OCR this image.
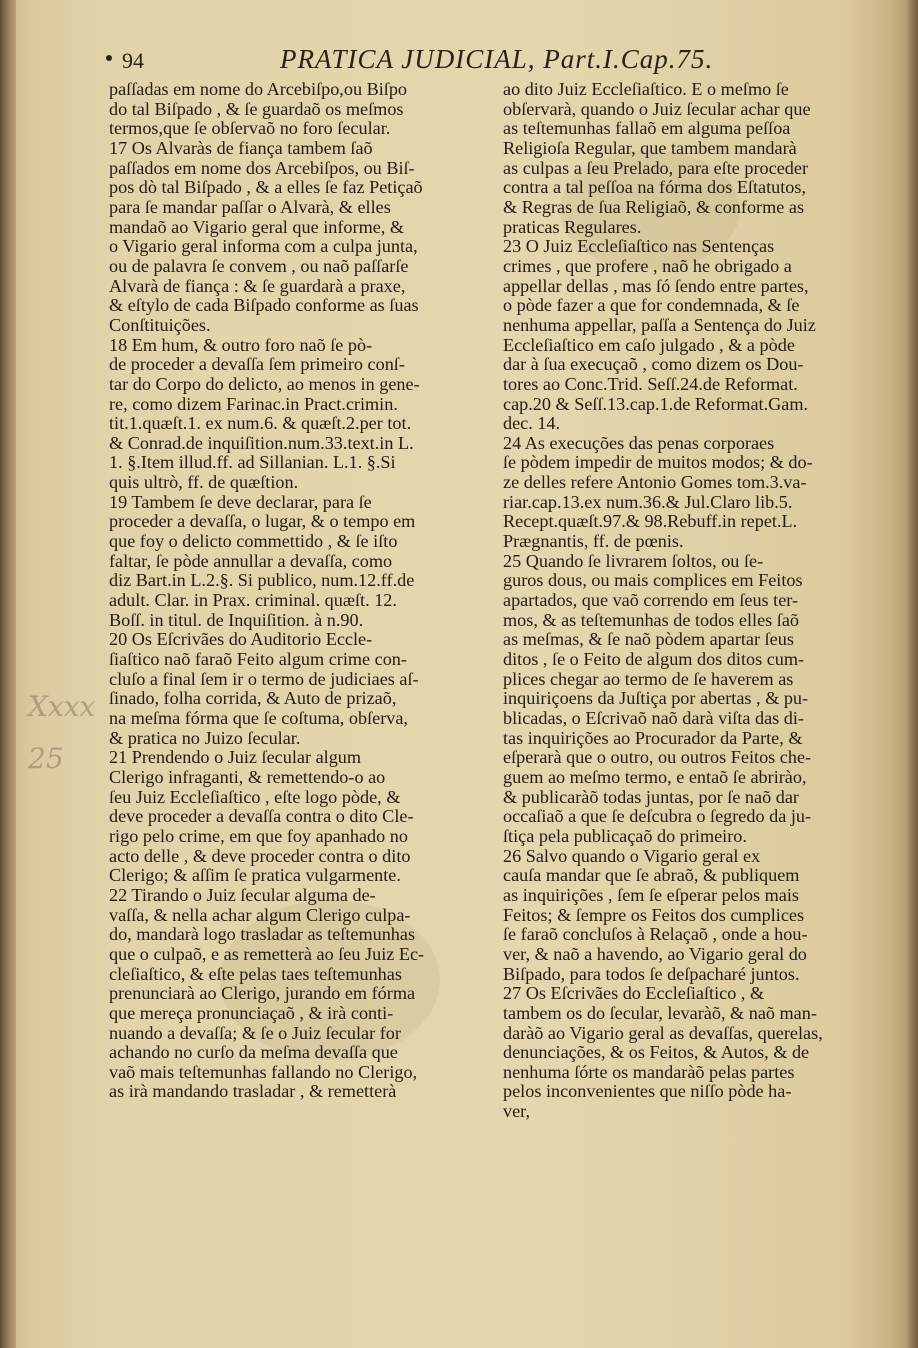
94	PRATICA JUDICIAL, Part.I.Cap.75.
Xxxx
25
paſſadas em nome do Arcebiſpo,ou Biſpo
do tal Biſpado , & ſe guardaõ os meſmos
termos,que ſe obſervaõ no foro ſecular.
17 Os Alvaràs de fiança tambem ſaõ
paſſados em nome dos Arcebiſpos, ou Biſ-
pos dò tal Biſpado , & a elles ſe faz Petiçaõ
para ſe mandar paſſar o Alvarà, & elles
mandaõ ao Vigario geral que informe, &
o Vigario geral informa com a culpa junta,
ou de palavra ſe convem , ou naõ paſſarſe
Alvarà de fiança : & ſe guardarà a praxe,
& eſtylo de cada Biſpado conforme as ſuas
Conſtituições.
18 Em hum, & outro foro naõ ſe pò-
de proceder a devaſſa ſem primeiro conſ-
tar do Corpo do delicto, ao menos in gene-
re, como dizem Farinac.in Pract.crimin.
tit.1.quæſt.1. ex num.6. & quæſt.2.per tot.
& Conrad.de inquiſition.num.33.text.in L.
1. §.Item illud.ff. ad Sillanian. L.1. §.Si
quis ultrò, ff. de quæſtion.
19 Tambem ſe deve declarar, para ſe
proceder a devaſſa, o lugar, & o tempo em
que foy o delicto commettido , & ſe iſto
faltar, ſe pòde annullar a devaſſa, como
diz Bart.in L.2.§. Si publico, num.12.ff.de
adult. Clar. in Prax. criminal. quæſt. 12.
Boſſ. in titul. de Inquiſition. à n.90.
20 Os Eſcrivães do Auditorio Eccle-
ſiaſtico naõ faraõ Feito algum crime con-
cluſo a final ſem ir o termo de judiciaes aſ-
ſinado, folha corrida, & Auto de prizaõ,
na meſma fórma que ſe coſtuma, obſerva,
& pratica no Juizo ſecular.
21 Prendendo o Juiz ſecular algum
Clerigo infraganti, & remettendo-o ao
ſeu Juiz Eccleſiaſtico , eſte logo pòde, &
deve proceder a devaſſa contra o dito Cle-
rigo pelo crime, em que foy apanhado no
acto delle , & deve proceder contra o dito
Clerigo; & aſſim ſe pratica vulgarmente.
22 Tirando o Juiz ſecular alguma de-
vaſſa, & nella achar algum Clerigo culpa-
do, mandarà logo trasladar as teſtemunhas
que o culpaõ, e as remetterà ao ſeu Juiz Ec-
cleſiaſtico, & eſte pelas taes teſtemunhas
prenunciarà ao Clerigo, jurando em fórma
que mereça pronunciaçaõ , & irà conti-
nuando a devaſſa; & ſe o Juiz ſecular for
achando no curſo da meſma devaſſa que
vaõ mais teſtemunhas fallando no Clerigo,
as irà mandando trasladar , & remetterà
ao dito Juiz Eccleſiaſtico. E o meſmo ſe
obſervarà, quando o Juiz ſecular achar que
as teſtemunhas fallaõ em alguma peſſoa
Religioſa Regular, que tambem mandarà
as culpas a ſeu Prelado, para eſte proceder
contra a tal peſſoa na fórma dos Eſtatutos,
& Regras de ſua Religiaõ, & conforme as
praticas Regulares.
23 O Juiz Eccleſiaſtico nas Sentenças
crimes , que profere , naõ he obrigado a
appellar dellas , mas ſó ſendo entre partes,
o pòde fazer a que for condemnada, & ſe
nenhuma appellar, paſſa a Sentença do Juiz
Eccleſiaſtico em caſo julgado , & a pòde
dar à ſua execuçaõ , como dizem os Dou-
tores ao Conc.Trid. Seſſ.24.de Reformat.
cap.20 & Seſſ.13.cap.1.de Reformat.Gam.
dec. 14.
24 As execuções das penas corporaes
ſe pòdem impedir de muitos modos; & do-
ze delles refere Antonio Gomes tom.3.va-
riar.cap.13.ex num.36.& Jul.Claro lib.5.
Recept.quæſt.97.& 98.Rebuff.in repet.L.
Prægnantis, ff. de pœnis.
25 Quando ſe livrarem ſoltos, ou ſe-
guros dous, ou mais complices em Feitos
apartados, que vaõ correndo em ſeus ter-
mos, & as teſtemunhas de todos elles ſaõ
as meſmas, & ſe naõ pòdem apartar ſeus
ditos , ſe o Feito de algum dos ditos cum-
plices chegar ao termo de ſe haverem as
inquiriçoens da Juſtiça por abertas , & pu-
blicadas, o Eſcrivaõ naõ darà viſta das di-
tas inquirições ao Procurador da Parte, &
eſperarà que o outro, ou outros Feitos che-
guem ao meſmo termo, e entaõ ſe abrirào,
& publicaràõ todas juntas, por ſe naõ dar
occaſiaõ a que ſe deſcubra o ſegredo da ju-
ſtiça pela publicaçaõ do primeiro.
26 Salvo quando o Vigario geral ex
cauſa mandar que ſe abraõ, & publiquem
as inquirições , ſem ſe eſperar pelos mais
Feitos; & ſempre os Feitos dos cumplices
ſe faraõ concluſos à Relaçaõ , onde a hou-
ver, & naõ a havendo, ao Vigario geral do
Biſpado, para todos ſe deſpacharé juntos.
27 Os Eſcrivães do Eccleſiaſtico , &
tambem os do ſecular, levaràõ, & naõ man-
daràõ ao Vigario geral as devaſſas, querelas,
denunciações, & os Feitos, & Autos, & de
nenhuma ſórte os mandaràõ pelas partes
pelos inconvenientes que niſſo pòde ha-
ver,
